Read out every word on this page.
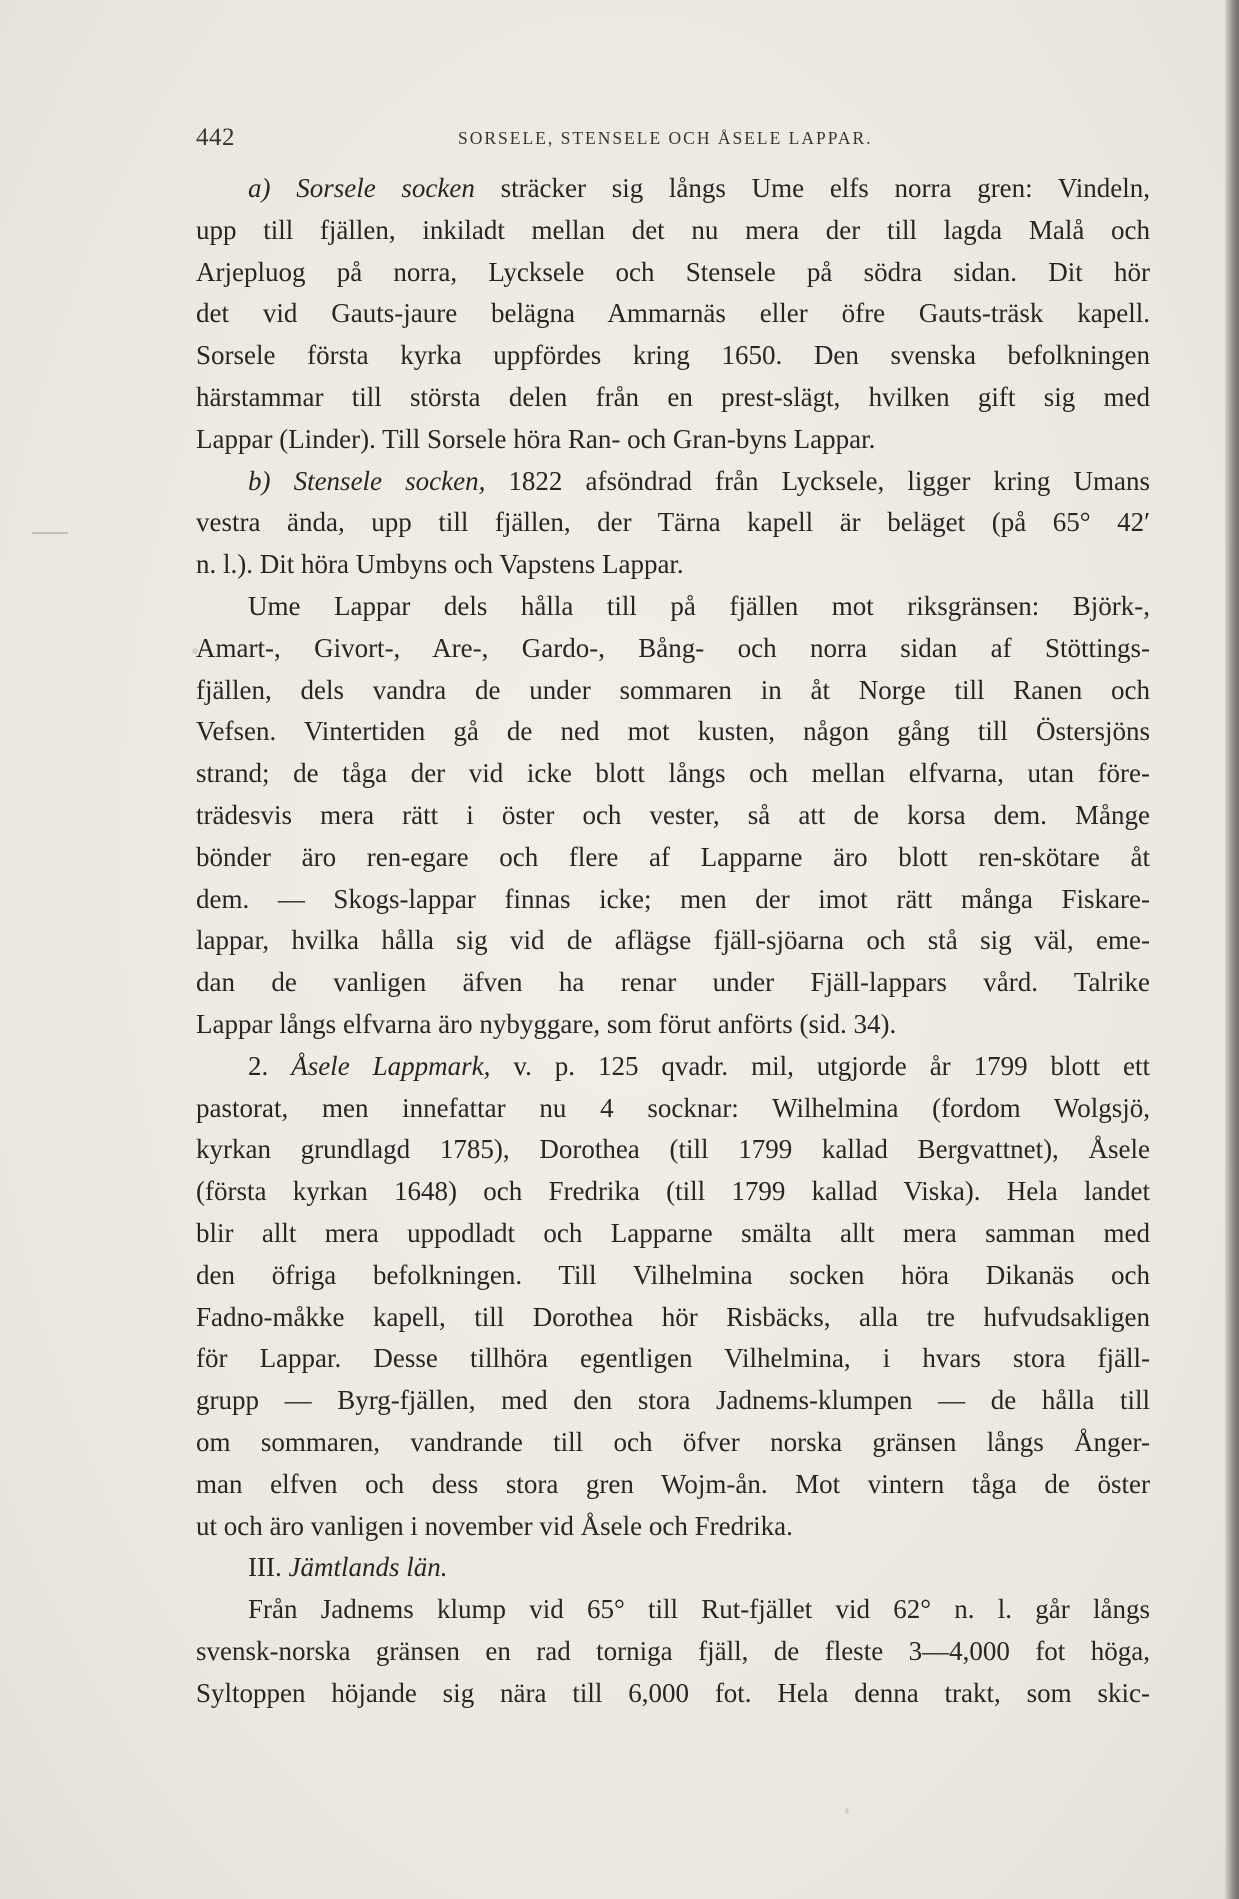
442	SORSELE, STENSELE OCH ÅSELE LAPPAR.
a) Sorsele socken sträcker sig långs Ume elfs norra gren: Vindeln,
upp till fjällen, inkiladt mellan det nu mera der till lagda Malå och
Arjepluog på norra, Lycksele och Stensele på södra sidan. Dit hör
det vid Gauts-jaure belägna Ammarnäs eller öfre Gauts-träsk kapell.
Sorsele första kyrka uppfördes kring 1650. Den svenska befolkningen
härstammar till största delen från en prest-slägt, hvilken gift sig med
Lappar (Linder). Till Sorsele höra Ran- och Gran-byns Lappar.
b) Stensele socken, 1822 afsöndrad från Lycksele, ligger kring Umans
vestra ända, upp till fjällen, der Tärna kapell är beläget (på 65° 42′
n. l.). Dit höra Umbyns och Vapstens Lappar.
Ume Lappar dels hålla till på fjällen mot riksgränsen: Björk-,
Amart-, Givort-, Are-, Gardo-, Bång- och norra sidan af Stöttings-
fjällen, dels vandra de under sommaren in åt Norge till Ranen och
Vefsen. Vintertiden gå de ned mot kusten, någon gång till Östersjöns
strand; de tåga der vid icke blott långs och mellan elfvarna, utan före-
trädesvis mera rätt i öster och vester, så att de korsa dem. Månge
bönder äro ren-egare och flere af Lapparne äro blott ren-skötare åt
dem. — Skogs-lappar finnas icke; men der imot rätt många Fiskare-
lappar, hvilka hålla sig vid de aflägse fjäll-sjöarna och stå sig väl, eme-
dan de vanligen äfven ha renar under Fjäll-lappars vård. Talrike
Lappar långs elfvarna äro nybyggare, som förut anförts (sid. 34).
2. Åsele Lappmark, v. p. 125 qvadr. mil, utgjorde år 1799 blott ett
pastorat, men innefattar nu 4 socknar: Wilhelmina (fordom Wolgsjö,
kyrkan grundlagd 1785), Dorothea (till 1799 kallad Bergvattnet), Åsele
(första kyrkan 1648) och Fredrika (till 1799 kallad Viska). Hela landet
blir allt mera uppodladt och Lapparne smälta allt mera samman med
den öfriga befolkningen. Till Vilhelmina socken höra Dikanäs och
Fadno-måkke kapell, till Dorothea hör Risbäcks, alla tre hufvudsakligen
för Lappar. Desse tillhöra egentligen Vilhelmina, i hvars stora fjäll-
grupp — Byrg-fjällen, med den stora Jadnems-klumpen — de hålla till
om sommaren, vandrande till och öfver norska gränsen långs Ånger-
man elfven och dess stora gren Wojm-ån. Mot vintern tåga de öster
ut och äro vanligen i november vid Åsele och Fredrika.
III. Jämtlands län.
Från Jadnems klump vid 65° till Rut-fjället vid 62° n. l. går långs
svensk-norska gränsen en rad torniga fjäll, de fleste 3—4,000 fot höga,
Syltoppen höjande sig nära till 6,000 fot. Hela denna trakt, som skic-
